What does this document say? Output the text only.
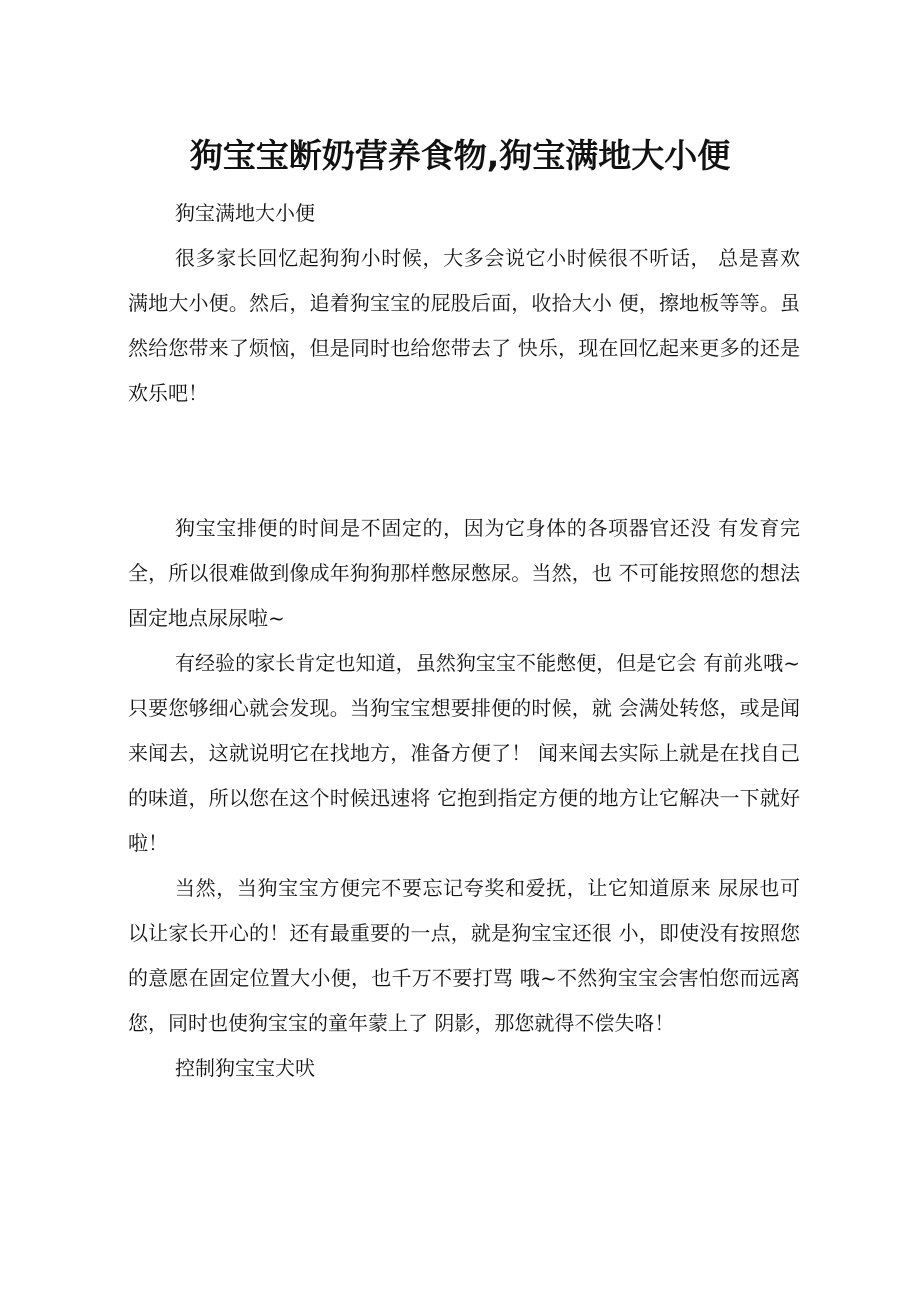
狗宝宝断奶营养食物,狗宝满地大小便

狗宝满地大小便

很多家长回忆起狗狗小时候，大多会说它小时候很不听话， 总是喜欢满地大小便。然后，追着狗宝宝的屁股后面，收拾大小 便，擦地板等等。虽然给您带来了烦恼，但是同时也给您带去了 快乐，现在回忆起来更多的还是欢乐吧！

狗宝宝排便的时间是不固定的，因为它身体的各项器官还没 有发育完全，所以很难做到像成年狗狗那样憋尿憋尿。当然，也 不可能按照您的想法固定地点尿尿啦~

有经验的家长肯定也知道，虽然狗宝宝不能憋便，但是它会 有前兆哦~只要您够细心就会发现。当狗宝宝想要排便的时候，就 会满处转悠，或是闻来闻去，这就说明它在找地方，准备方便了！ 闻来闻去实际上就是在找自己的味道，所以您在这个时候迅速将 它抱到指定方便的地方让它解决一下就好啦！

当然，当狗宝宝方便完不要忘记夸奖和爱抚，让它知道原来 尿尿也可以让家长开心的！还有最重要的一点，就是狗宝宝还很 小，即使没有按照您的意愿在固定位置大小便，也千万不要打骂 哦~不然狗宝宝会害怕您而远离您，同时也使狗宝宝的童年蒙上了 阴影，那您就得不偿失咯！

控制狗宝宝犬吠
